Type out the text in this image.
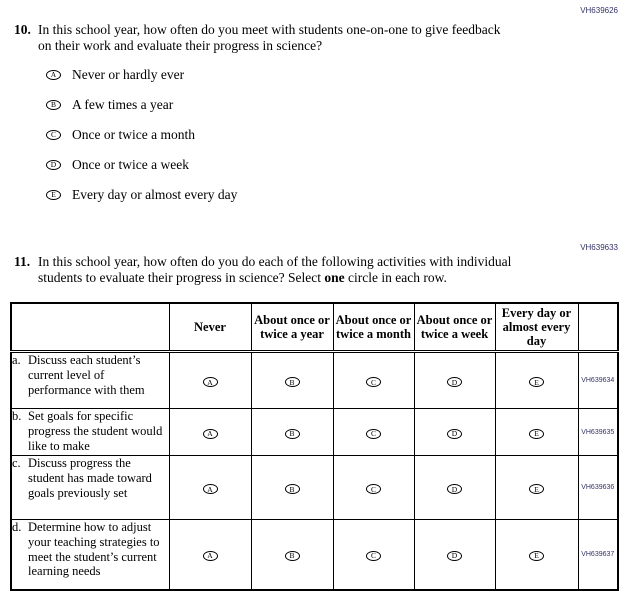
VH639626
10. In this school year, how often do you meet with students one-on-one to give feedback on their work and evaluate their progress in science?
A	Never or hardly ever
B	A few times a year
C	Once or twice a month
D	Once or twice a week
E	Every day or almost every day
VH639633
11. In this school year, how often do you do each of the following activities with individual students to evaluate their progress in science? Select one circle in each row.
	Never	About once or twice a year	About once or twice a month	About once or twice a week	Every day or almost every day	

a. Discuss each student’s current level of performance with them	A	B	C	D	E	VH639634

b. Set goals for specific progress the student would like to make	A	B	C	D	E	VH639635

c. Discuss progress the student has made toward goals previously set	A	B	C	D	E	VH639636

d. Determine how to adjust your teaching strategies to meet the student’s current learning needs	A	B	C	D	E	VH639637
